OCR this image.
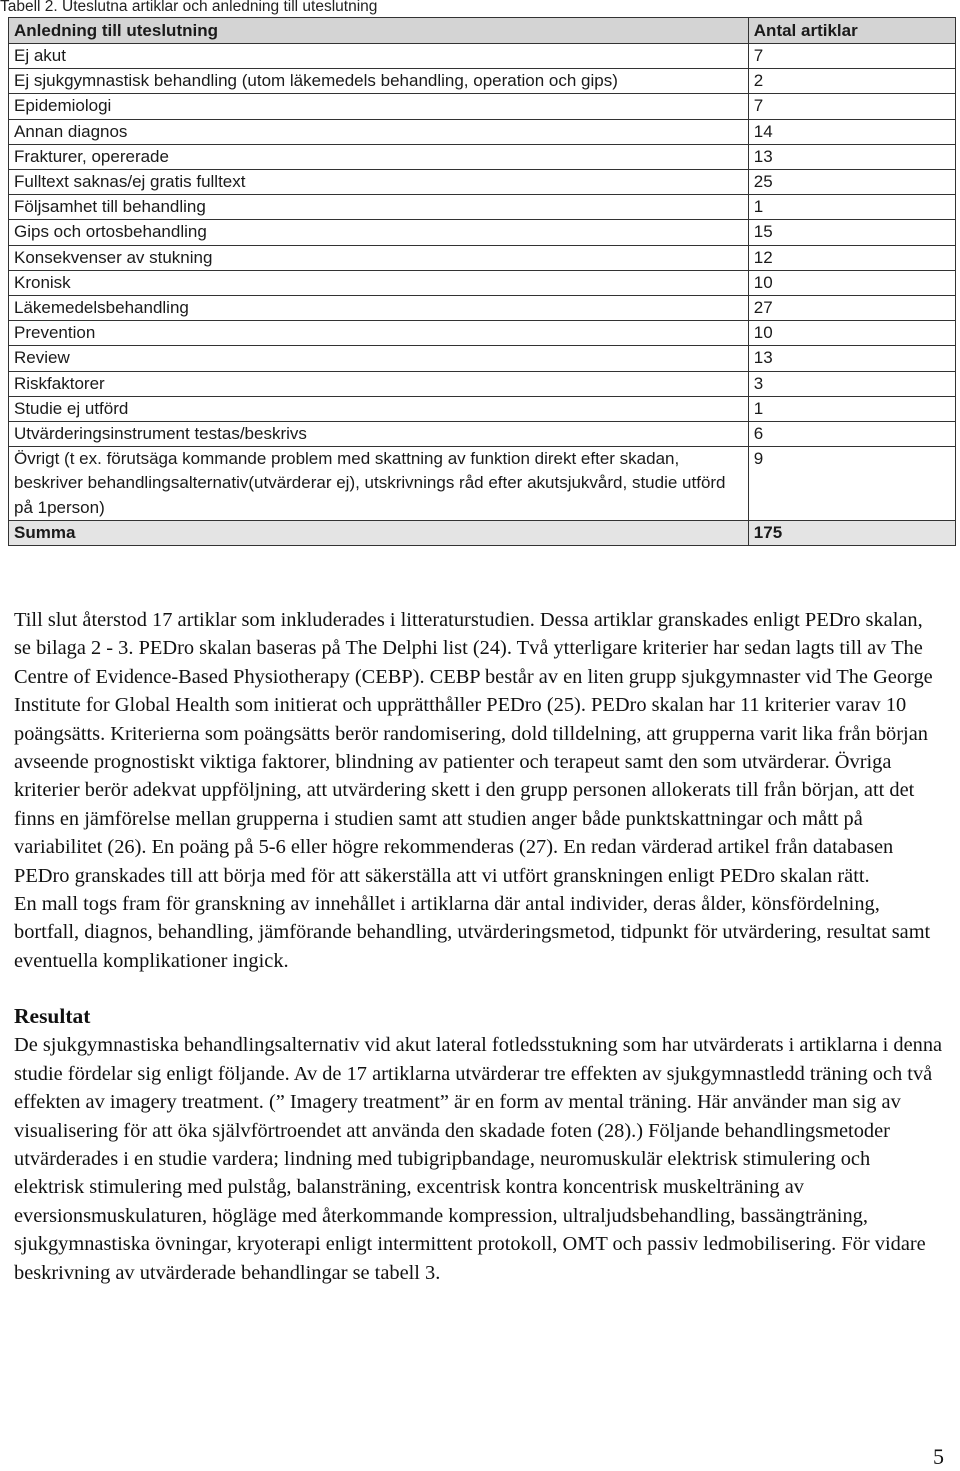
Tabell 2. Uteslutna artiklar och anledning till uteslutning
Anledning till uteslutning	Antal artiklar
Ej akut	7
Ej sjukgymnastisk behandling (utom läkemedels behandling, operation och gips)	2
Epidemiologi	7
Annan diagnos	14
Frakturer, opererade	13
Fulltext saknas/ej gratis fulltext	25
Följsamhet till behandling	1
Gips och ortosbehandling	15
Konsekvenser av stukning	12
Kronisk	10
Läkemedelsbehandling	27
Prevention	10
Review	13
Riskfaktorer	3
Studie ej utförd	1
Utvärderingsinstrument testas/beskrivs	6
Övrigt (t ex. förutsäga kommande problem med skattning av funktion direkt efter skadan, beskriver behandlingsalternativ(utvärderar ej), utskrivnings råd efter akutsjukvård, studie utförd på 1person)	9
Summa	175

Till slut återstod 17 artiklar som inkluderades i litteraturstudien. Dessa artiklar granskades enligt PEDro skalan, se bilaga 2 - 3. PEDro skalan baseras på The Delphi list (24). Två ytterligare kriterier har sedan lagts till av The Centre of Evidence-Based Physiotherapy (CEBP). CEBP består av en liten grupp sjukgymnaster vid The George Institute for Global Health som initierat och upprätthåller PEDro (25). PEDro skalan har 11 kriterier varav 10 poängsätts. Kriterierna som poängsätts berör randomisering, dold tilldelning, att grupperna varit lika från början avseende prognostiskt viktiga faktorer, blindning av patienter och terapeut samt den som utvärderar. Övriga kriterier berör adekvat uppföljning, att utvärdering skett i den grupp personen allokerats till från början, att det finns en jämförelse mellan grupperna i studien samt att studien anger både punktskattningar och mått på variabilitet (26). En poäng på 5-6 eller högre rekommenderas (27). En redan värderad artikel från databasen PEDro granskades till att börja med för att säkerställa att vi utfört granskningen enligt PEDro skalan rätt.

En mall togs fram för granskning av innehållet i artiklarna där antal individer, deras ålder, könsfördelning, bortfall, diagnos, behandling, jämförande behandling, utvärderingsmetod, tidpunkt för utvärdering, resultat samt eventuella komplikationer ingick.

Resultat

De sjukgymnastiska behandlingsalternativ vid akut lateral fotledsstukning som har utvärderats i artiklarna i denna studie fördelar sig enligt följande. Av de 17 artiklarna utvärderar tre effekten av sjukgymnastledd träning och två effekten av imagery treatment. (” Imagery treatment” är en form av mental träning. Här använder man sig av visualisering för att öka självförtroendet att använda den skadade foten (28).) Följande behandlingsmetoder utvärderades i en studie vardera; lindning med tubigripbandage, neuromuskulär elektrisk stimulering och elektrisk stimulering med pulståg, balansträning, excentrisk kontra koncentrisk muskelträning av eversionsmuskulaturen, högläge med återkommande kompression, ultraljudsbehandling, bassängträning, sjukgymnastiska övningar, kryoterapi enligt intermittent protokoll, OMT och passiv ledmobilisering. För vidare beskrivning av utvärderade behandlingar se tabell 3.

5
